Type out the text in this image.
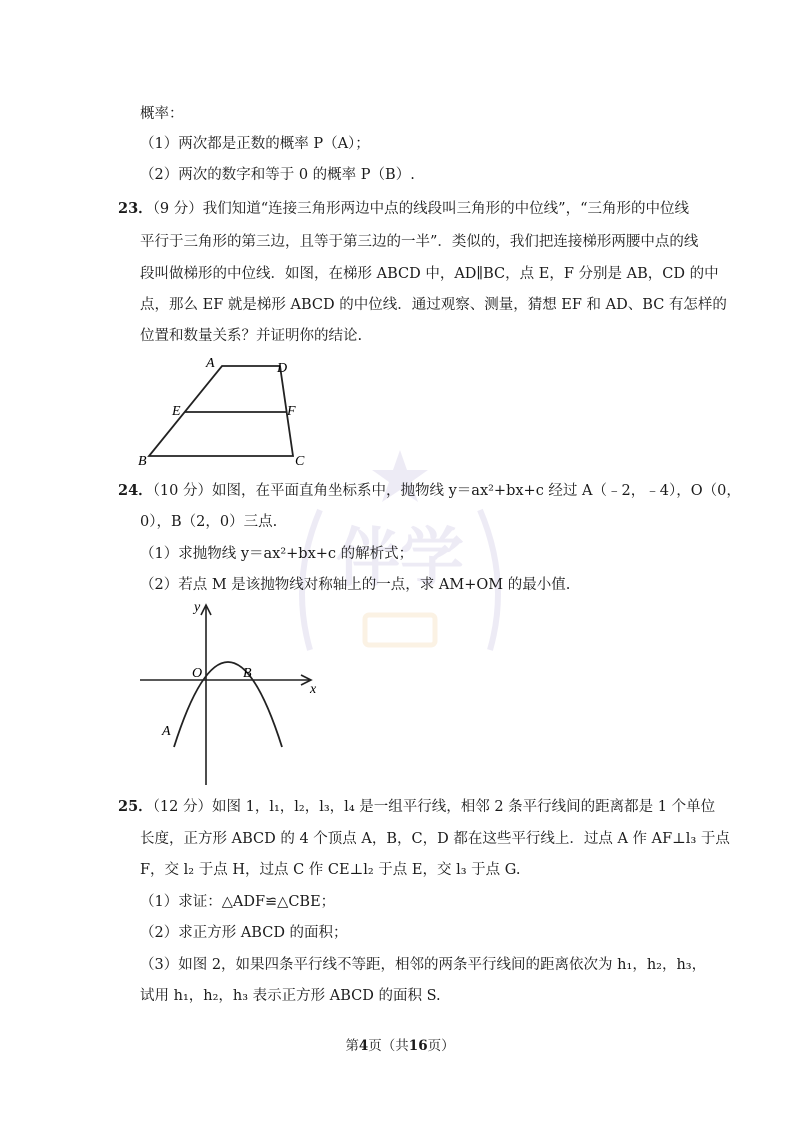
概率：
（1）两次都是正数的概率 P（A）；
（2）两次的数字和等于 0 的概率 P（B）.
23．（9 分）我们知道“连接三角形两边中点的线段叫三角形的中位线”，“三角形的中位线
平行于三角形的第三边，且等于第三边的一半”．类似的，我们把连接梯形两腰中点的线
段叫做梯形的中位线．如图，在梯形 ABCD 中，AD∥BC，点 E，F 分别是 AB，CD 的中
点，那么 EF 就是梯形 ABCD 的中位线．通过观察、测量，猜想 EF 和 AD、BC 有怎样的
位置和数量关系？并证明你的结论.
A	D
E	F
B	C
伴学
24．（10 分）如图，在平面直角坐标系中，抛物线 y＝ax²+bx+c 经过 A（﹣2，﹣4），O（0，
0），B（2，0）三点.
（1）求抛物线 y＝ax²+bx+c 的解析式；
（2）若点 M 是该抛物线对称轴上的一点，求 AM+OM 的最小值.
y
x
O	B
A
25．（12 分）如图 1，l₁，l₂，l₃，l₄ 是一组平行线，相邻 2 条平行线间的距离都是 1 个单位
长度，正方形 ABCD 的 4 个顶点 A，B，C，D 都在这些平行线上．过点 A 作 AF⊥l₃ 于点
F，交 l₂ 于点 H，过点 C 作 CE⊥l₂ 于点 E，交 l₃ 于点 G.
（1）求证：△ADF≌△CBE；
（2）求正方形 ABCD 的面积；
（3）如图 2，如果四条平行线不等距，相邻的两条平行线间的距离依次为 h₁，h₂，h₃，
试用 h₁，h₂，h₃ 表示正方形 ABCD 的面积 S.
第4页（共16页）
